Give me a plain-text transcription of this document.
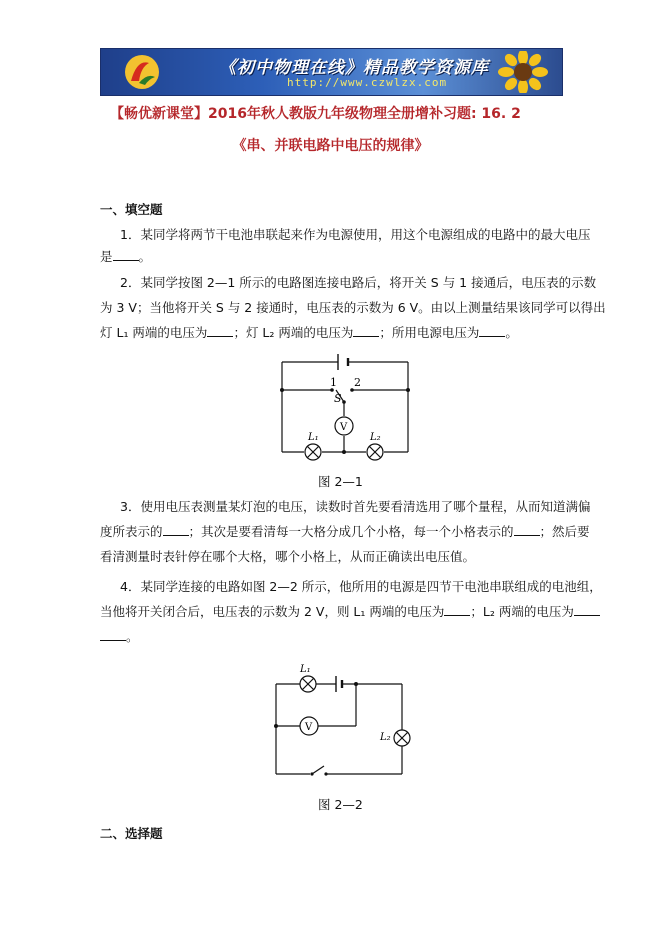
《初中物理在线》精品教学资源库
http://www.czwlzx.com
【畅优新课堂】2016年秋人教版九年级物理全册增补习题: 16. 2
《串、并联电路中电压的规律》
一、填空题
1．某同学将两节干电池串联起来作为电源使用，用这个电源组成的电路中的最大电压
是 。
2．某同学按图 2—1 所示的电路图连接电路后，将开关 S 与 1 接通后，电压表的示数
为 3 V；当他将开关 S 与 2 接通时，电压表的示数为 6 V。由以上测量结果该同学可以得出
灯 L₁ 两端的电压为 ；灯 L₂ 两端的电压为 ；所用电源电压为 。
1 2
S
V
L₁	L₂
图 2—1
3．使用电压表测量某灯泡的电压，读数时首先要看清选用了哪个量程，从而知道满偏
度所表示的 ；其次是要看清每一大格分成几个小格，每一个小格表示的 ；然后要
看清测量时表针停在哪个大格，哪个小格上，从而正确读出电压值。
4．某同学连接的电路如图 2—2 所示，他所用的电源是四节干电池串联组成的电池组，
当他将开关闭合后，电压表的示数为 2 V，则 L₁ 两端的电压为 ；L₂ 两端的电压为
。
L₁
V
L₂
图 2—2
二、选择题
